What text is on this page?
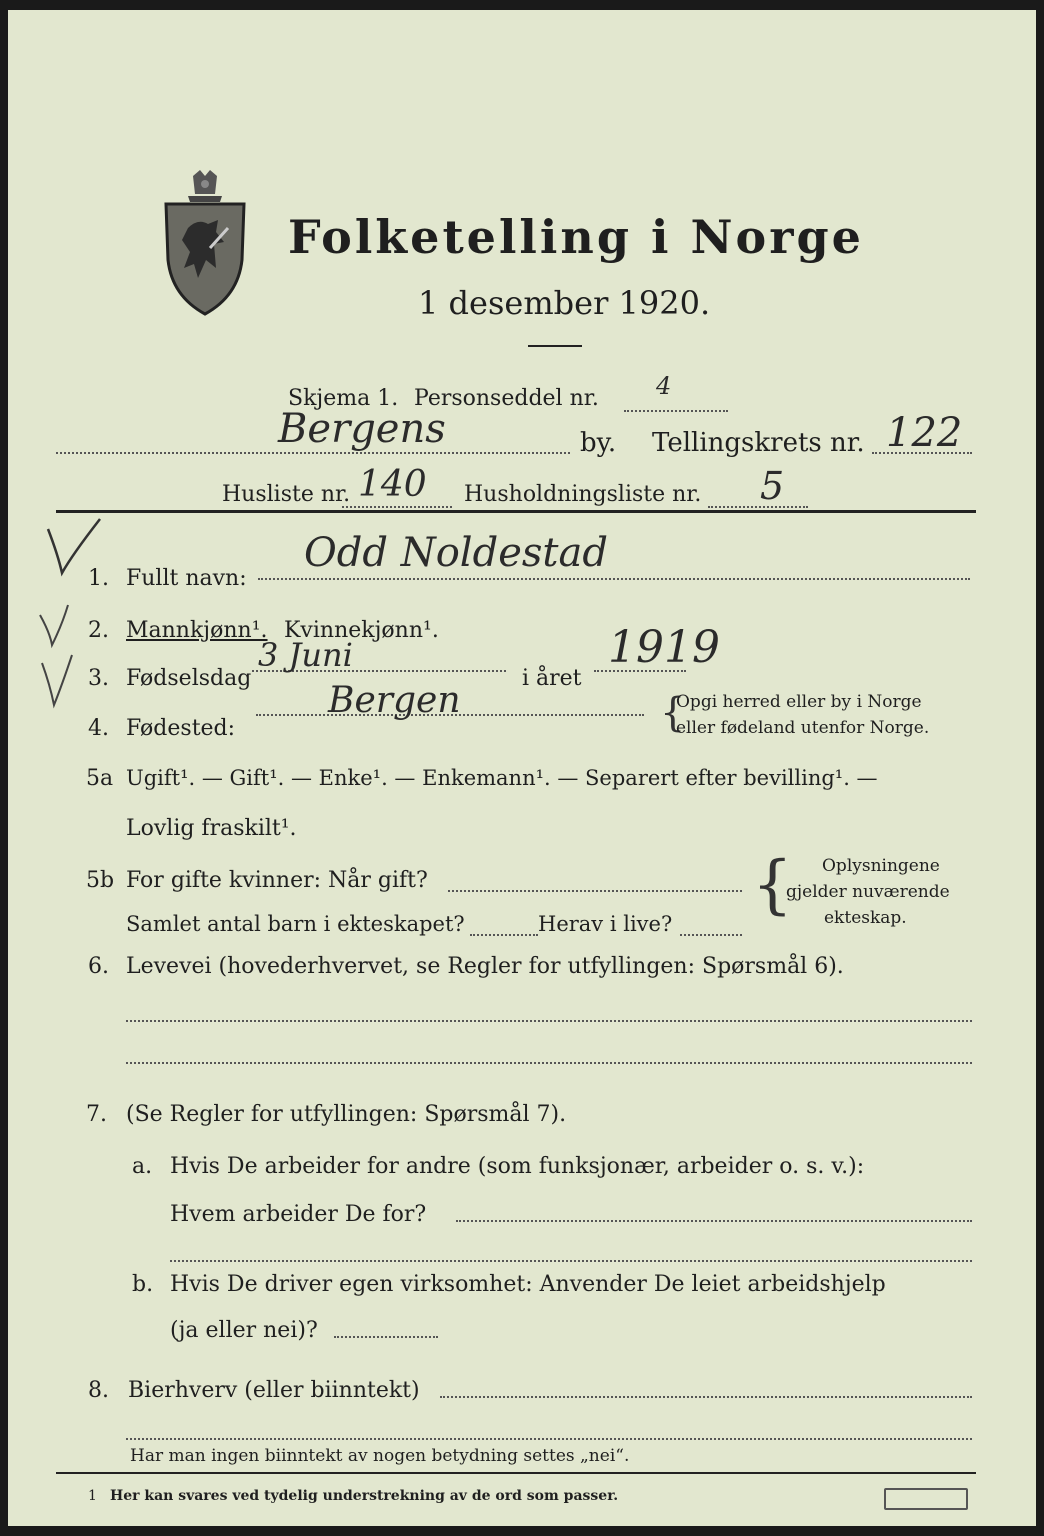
Folketelling i Norge
1 desember 1920.
Skjema 1. Personseddel nr. 4
Bergens	by. Tellingskrets nr. 122
Husliste nr. 140 Husholdningsliste nr. 5
1. Fullt navn:
Odd Noldestad
2. Mannkjønn¹. Kvinnekjønn¹.
3. Fødselsdag
3 Juni
i året
1919
4. Fødested:
Bergen	{
Opgi herred eller by i Norge
eller fødeland utenfor Norge.
5a Ugift¹. — Gift¹. — Enke¹. — Enkemann¹. — Separert efter bevilling¹. —
Lovlig fraskilt¹.
5b For gifte kvinner: Når gift?
Samlet antal barn i ekteskapet?	Herav i live?
{ Oplysningene
gjelder nuværende
ekteskap.
6. Levevei (hovederhvervet, se Regler for utfyllingen: Spørsmål 6).
7. (Se Regler for utfyllingen: Spørsmål 7).
a. Hvis De arbeider for andre (som funksjonær, arbeider o. s. v.):
Hvem arbeider De for?
b. Hvis De driver egen virksomhet: Anvender De leiet arbeidshjelp
(ja eller nei)?
8. Bierhverv (eller biinntekt)
Har man ingen biinntekt av nogen betydning settes „nei“.
1 Her kan svares ved tydelig understrekning av de ord som passer.
